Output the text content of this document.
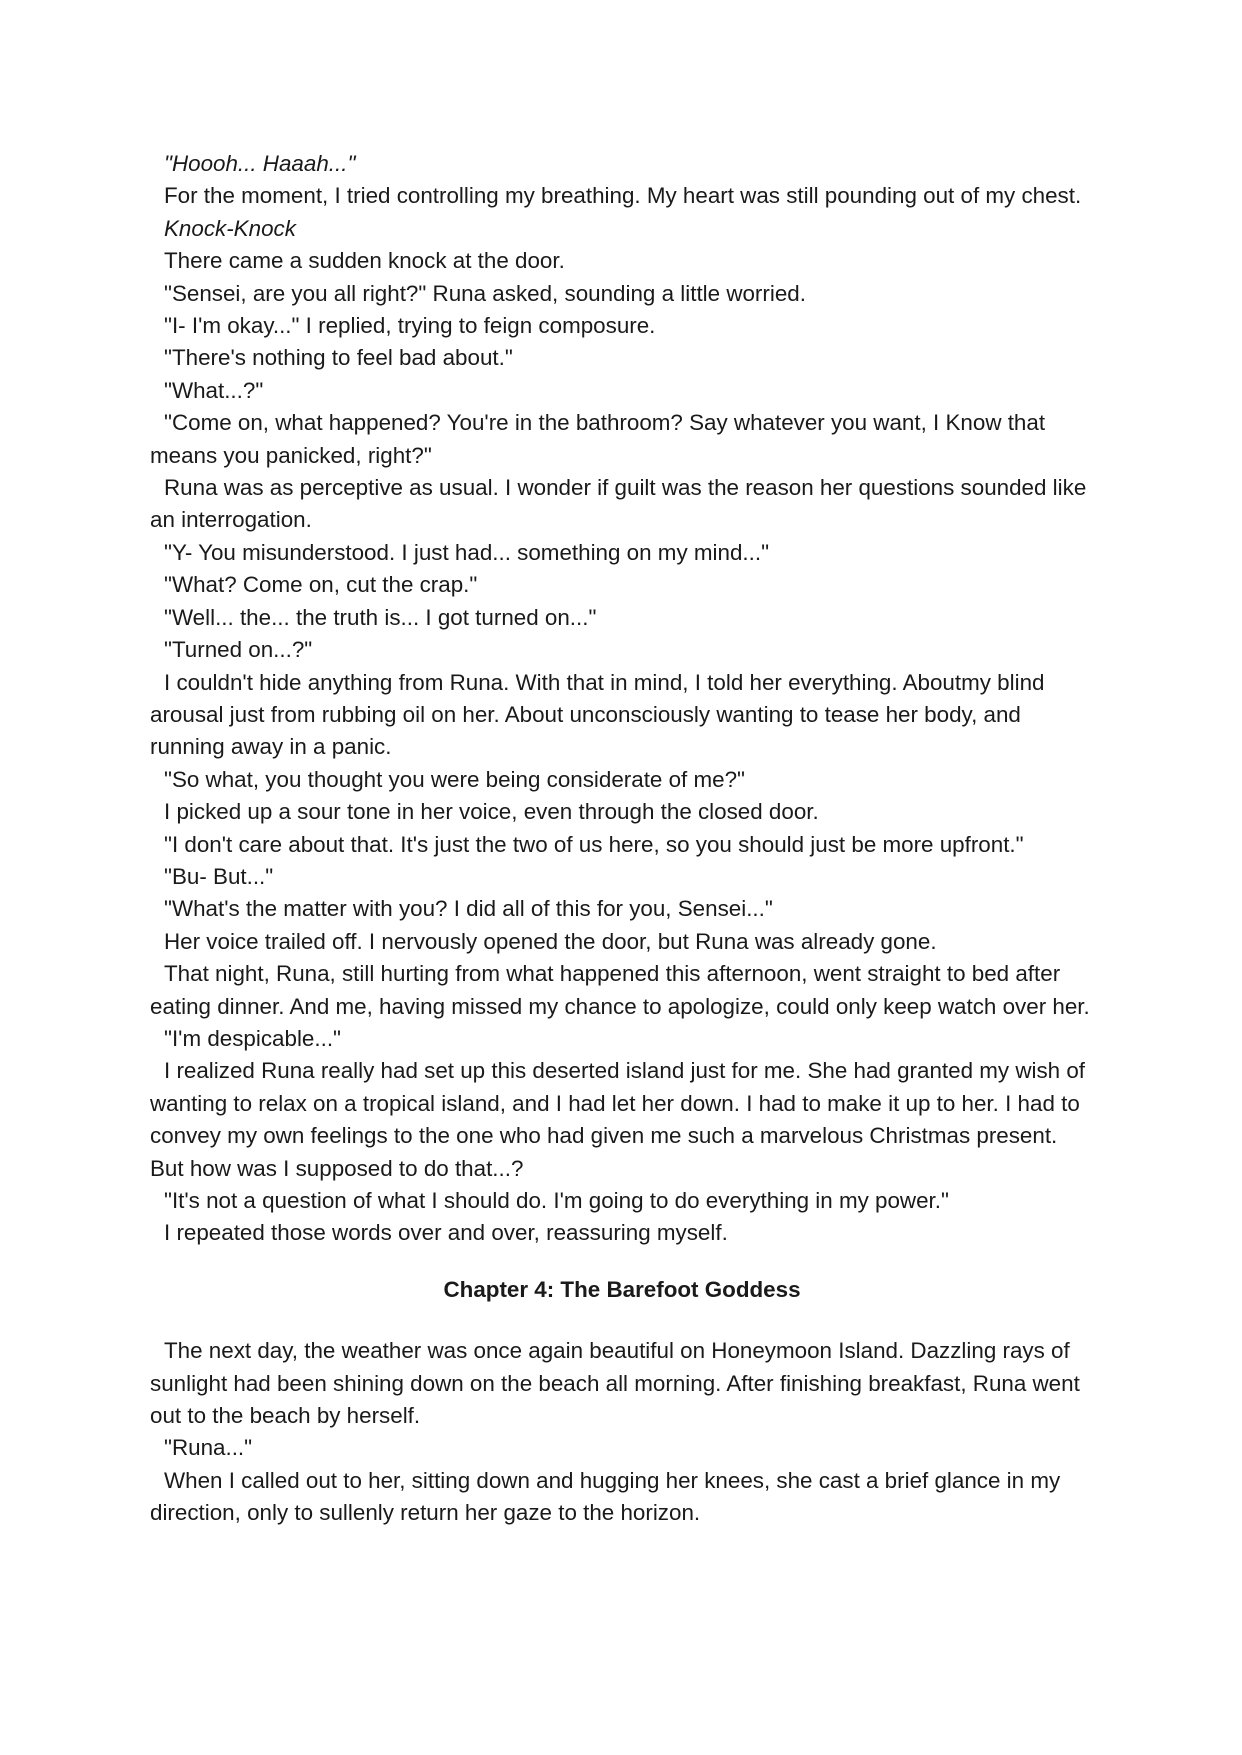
"Hoooh... Haaah..."

For the moment, I tried controlling my breathing. My heart was still pounding out of my chest.

Knock-Knock

There came a sudden knock at the door.

"Sensei, are you all right?" Runa asked, sounding a little worried.

"I- I'm okay..." I replied, trying to feign composure.

"There's nothing to feel bad about."

"What...?"

"Come on, what happened? You're in the bathroom? Say whatever you want, I Know that means you panicked, right?"

Runa was as perceptive as usual. I wonder if guilt was the reason her questions sounded like an interrogation.

"Y- You misunderstood. I just had... something on my mind..."

"What? Come on, cut the crap."

"Well... the... the truth is... I got turned on..."

"Turned on...?"

I couldn't hide anything from Runa. With that in mind, I told her everything. Aboutmy blind arousal just from rubbing oil on her. About unconsciously wanting to tease her body, and running away in a panic.

"So what, you thought you were being considerate of me?"

I picked up a sour tone in her voice, even through the closed door.

"I don't care about that. It's just the two of us here, so you should just be more upfront."

"Bu- But..."

"What's the matter with you? I did all of this for you, Sensei..."

Her voice trailed off. I nervously opened the door, but Runa was already gone.

That night, Runa, still hurting from what happened this afternoon, went straight to bed after eating dinner. And me, having missed my chance to apologize, could only keep watch over her.

"I'm despicable..."

I realized Runa really had set up this deserted island just for me. She had granted my wish of wanting to relax on a tropical island, and I had let her down. I had to make it up to her. I had to convey my own feelings to the one who had given me such a marvelous Christmas present. But how was I supposed to do that...?

"It's not a question of what I should do. I'm going to do everything in my power."

I repeated those words over and over, reassuring myself.

Chapter 4: The Barefoot Goddess

The next day, the weather was once again beautiful on Honeymoon Island. Dazzling rays of sunlight had been shining down on the beach all morning. After finishing breakfast, Runa went out to the beach by herself.

"Runa..."

When I called out to her, sitting down and hugging her knees, she cast a brief glance in my direction, only to sullenly return her gaze to the horizon.
